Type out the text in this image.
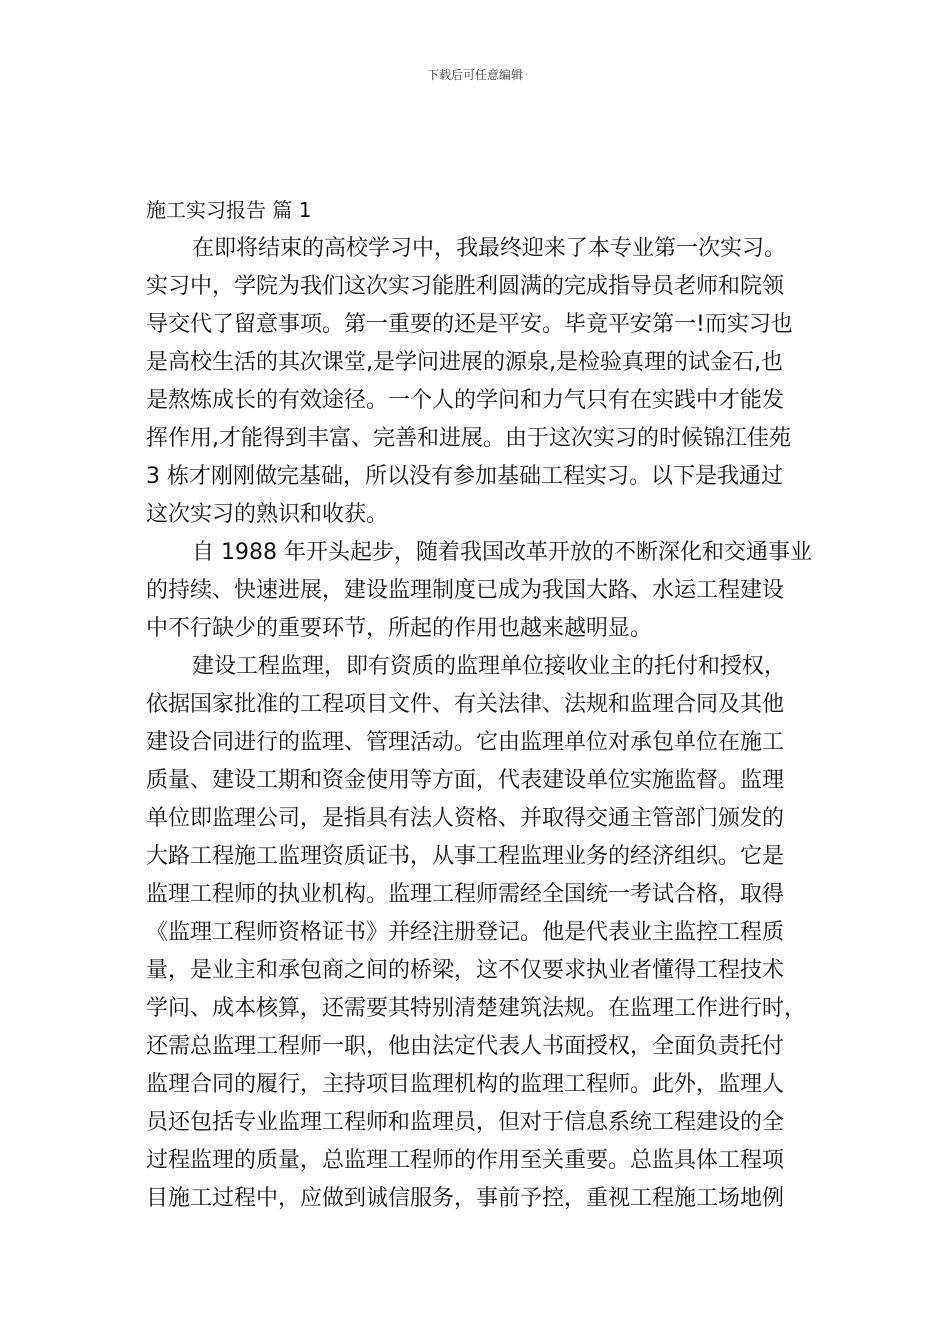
下载后可任意编辑
施工实习报告 篇 1
在即将结束的高校学习中，我最终迎来了本专业第一次实习。
实习中，学院为我们这次实习能胜利圆满的完成指导员老师和院领
导交代了留意事项。第一重要的还是平安。毕竟平安第一!而实习也
是高校生活的其次课堂,是学问进展的源泉,是检验真理的试金石,也
是熬炼成长的有效途径。一个人的学问和力气只有在实践中才能发
挥作用,才能得到丰富、完善和进展。由于这次实习的时候锦江佳苑
3 栋才刚刚做完基础，所以没有参加基础工程实习。以下是我通过
这次实习的熟识和收获。
自 1988 年开头起步，随着我国改革开放的不断深化和交通事业
的持续、快速进展，建设监理制度已成为我国大路、水运工程建设
中不行缺少的重要环节，所起的作用也越来越明显。
建设工程监理，即有资质的监理单位接收业主的托付和授权，
依据国家批准的工程项目文件、有关法律、法规和监理合同及其他
建设合同进行的监理、管理活动。它由监理单位对承包单位在施工
质量、建设工期和资金使用等方面，代表建设单位实施监督。监理
单位即监理公司，是指具有法人资格、并取得交通主管部门颁发的
大路工程施工监理资质证书，从事工程监理业务的经济组织。它是
监理工程师的执业机构。监理工程师需经全国统一考试合格，取得
《监理工程师资格证书》并经注册登记。他是代表业主监控工程质
量，是业主和承包商之间的桥梁，这不仅要求执业者懂得工程技术
学问、成本核算，还需要其特别清楚建筑法规。在监理工作进行时，
还需总监理工程师一职，他由法定代表人书面授权，全面负责托付
监理合同的履行，主持项目监理机构的监理工程师。此外，监理人
员还包括专业监理工程师和监理员，但对于信息系统工程建设的全
过程监理的质量，总监理工程师的作用至关重要。总监具体工程项
目施工过程中，应做到诚信服务，事前予控，重视工程施工场地例
